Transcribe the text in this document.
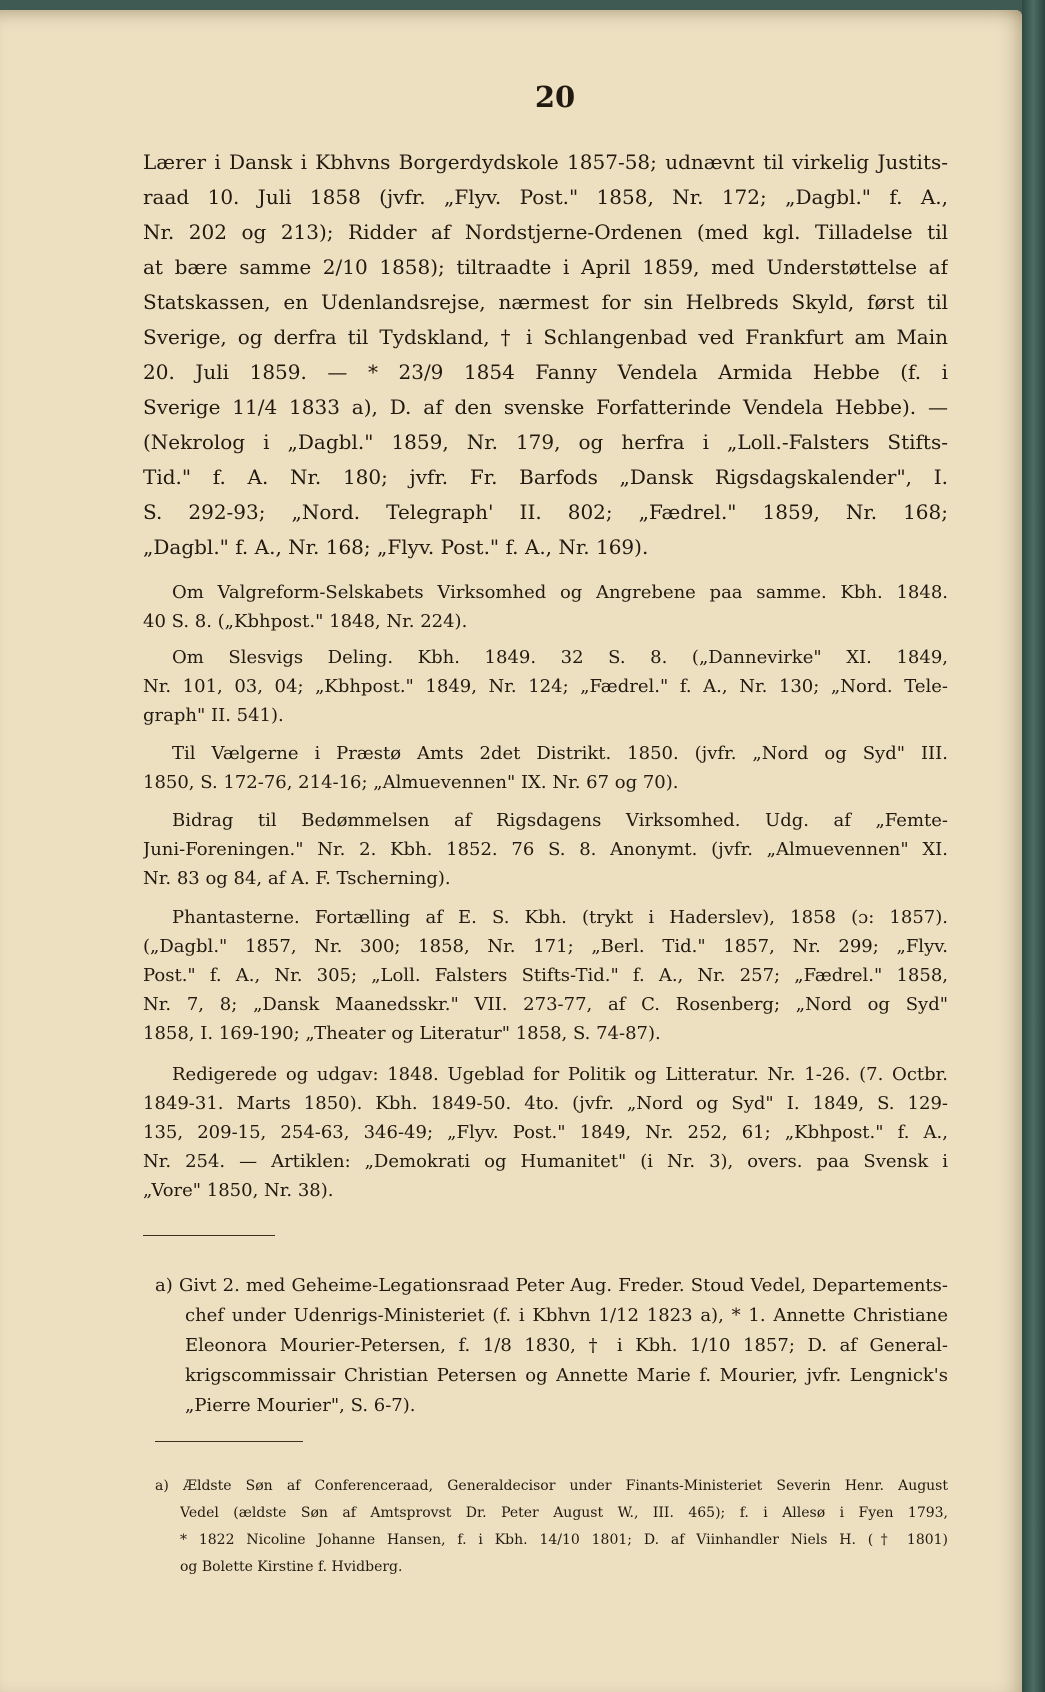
20
Lærer i Dansk i Kbhvns Borgerdydskole 1857-58; udnævnt til virkelig Justits-
raad 10. Juli 1858 (jvfr. „Flyv. Post." 1858, Nr. 172; „Dagbl." f. A.,
Nr. 202 og 213); Ridder af Nordstjerne-Ordenen (med kgl. Tilladelse til
at bære samme 2/10 1858); tiltraadte i April 1859, med Understøttelse af
Statskassen, en Udenlandsrejse, nærmest for sin Helbreds Skyld, først til
Sverige, og derfra til Tydskland, † i Schlangenbad ved Frankfurt am Main
20. Juli 1859. — * 23/9 1854 Fanny Vendela Armida Hebbe (f. i
Sverige 11/4 1833 a), D. af den svenske Forfatterinde Vendela Hebbe). —
(Nekrolog i „Dagbl." 1859, Nr. 179, og herfra i „Loll.-Falsters Stifts-
Tid." f. A. Nr. 180; jvfr. Fr. Barfods „Dansk Rigsdagskalender", I.
S. 292-93; „Nord. Telegraph' II. 802; „Fædrel." 1859, Nr. 168;
„Dagbl." f. A., Nr. 168; „Flyv. Post." f. A., Nr. 169).
Om Valgreform-Selskabets Virksomhed og Angrebene paa samme. Kbh. 1848.
40 S. 8. („Kbhpost." 1848, Nr. 224).
Om Slesvigs Deling. Kbh. 1849. 32 S. 8. („Dannevirke" XI. 1849,
Nr. 101, 03, 04; „Kbhpost." 1849, Nr. 124; „Fædrel." f. A., Nr. 130; „Nord. Tele-
graph" II. 541).
Til Vælgerne i Præstø Amts 2det Distrikt. 1850. (jvfr. „Nord og Syd" III.
1850, S. 172-76, 214-16; „Almuevennen" IX. Nr. 67 og 70).
Bidrag til Bedømmelsen af Rigsdagens Virksomhed. Udg. af „Femte-
Juni-Foreningen." Nr. 2. Kbh. 1852. 76 S. 8. Anonymt. (jvfr. „Almuevennen" XI.
Nr. 83 og 84, af A. F. Tscherning).
Phantasterne. Fortælling af E. S. Kbh. (trykt i Haderslev), 1858 (ɔ: 1857).
(„Dagbl." 1857, Nr. 300; 1858, Nr. 171; „Berl. Tid." 1857, Nr. 299; „Flyv.
Post." f. A., Nr. 305; „Loll. Falsters Stifts-Tid." f. A., Nr. 257; „Fædrel." 1858,
Nr. 7, 8; „Dansk Maanedsskr." VII. 273-77, af C. Rosenberg; „Nord og Syd"
1858, I. 169-190; „Theater og Literatur" 1858, S. 74-87).
Redigerede og udgav: 1848. Ugeblad for Politik og Litteratur. Nr. 1-26. (7. Octbr.
1849-31. Marts 1850). Kbh. 1849-50. 4to. (jvfr. „Nord og Syd" I. 1849, S. 129-
135, 209-15, 254-63, 346-49; „Flyv. Post." 1849, Nr. 252, 61; „Kbhpost." f. A.,
Nr. 254. — Artiklen: „Demokrati og Humanitet" (i Nr. 3), overs. paa Svensk i
„Vore" 1850, Nr. 38).
a) Givt 2. med Geheime-Legationsraad Peter Aug. Freder. Stoud Vedel, Departements-
chef under Udenrigs-Ministeriet (f. i Kbhvn 1/12 1823 a), * 1. Annette Christiane
Eleonora Mourier-Petersen, f. 1/8 1830, † i Kbh. 1/10 1857; D. af General-
krigscommissair Christian Petersen og Annette Marie f. Mourier, jvfr. Lengnick's
„Pierre Mourier", S. 6-7).
a) Ældste Søn af Conferenceraad, Generaldecisor under Finants-Ministeriet Severin Henr. August
Vedel (ældste Søn af Amtsprovst Dr. Peter August W., III. 465); f. i Allesø i Fyen 1793,
* 1822 Nicoline Johanne Hansen, f. i Kbh. 14/10 1801; D. af Viinhandler Niels H. († 1801)
og Bolette Kirstine f. Hvidberg.
